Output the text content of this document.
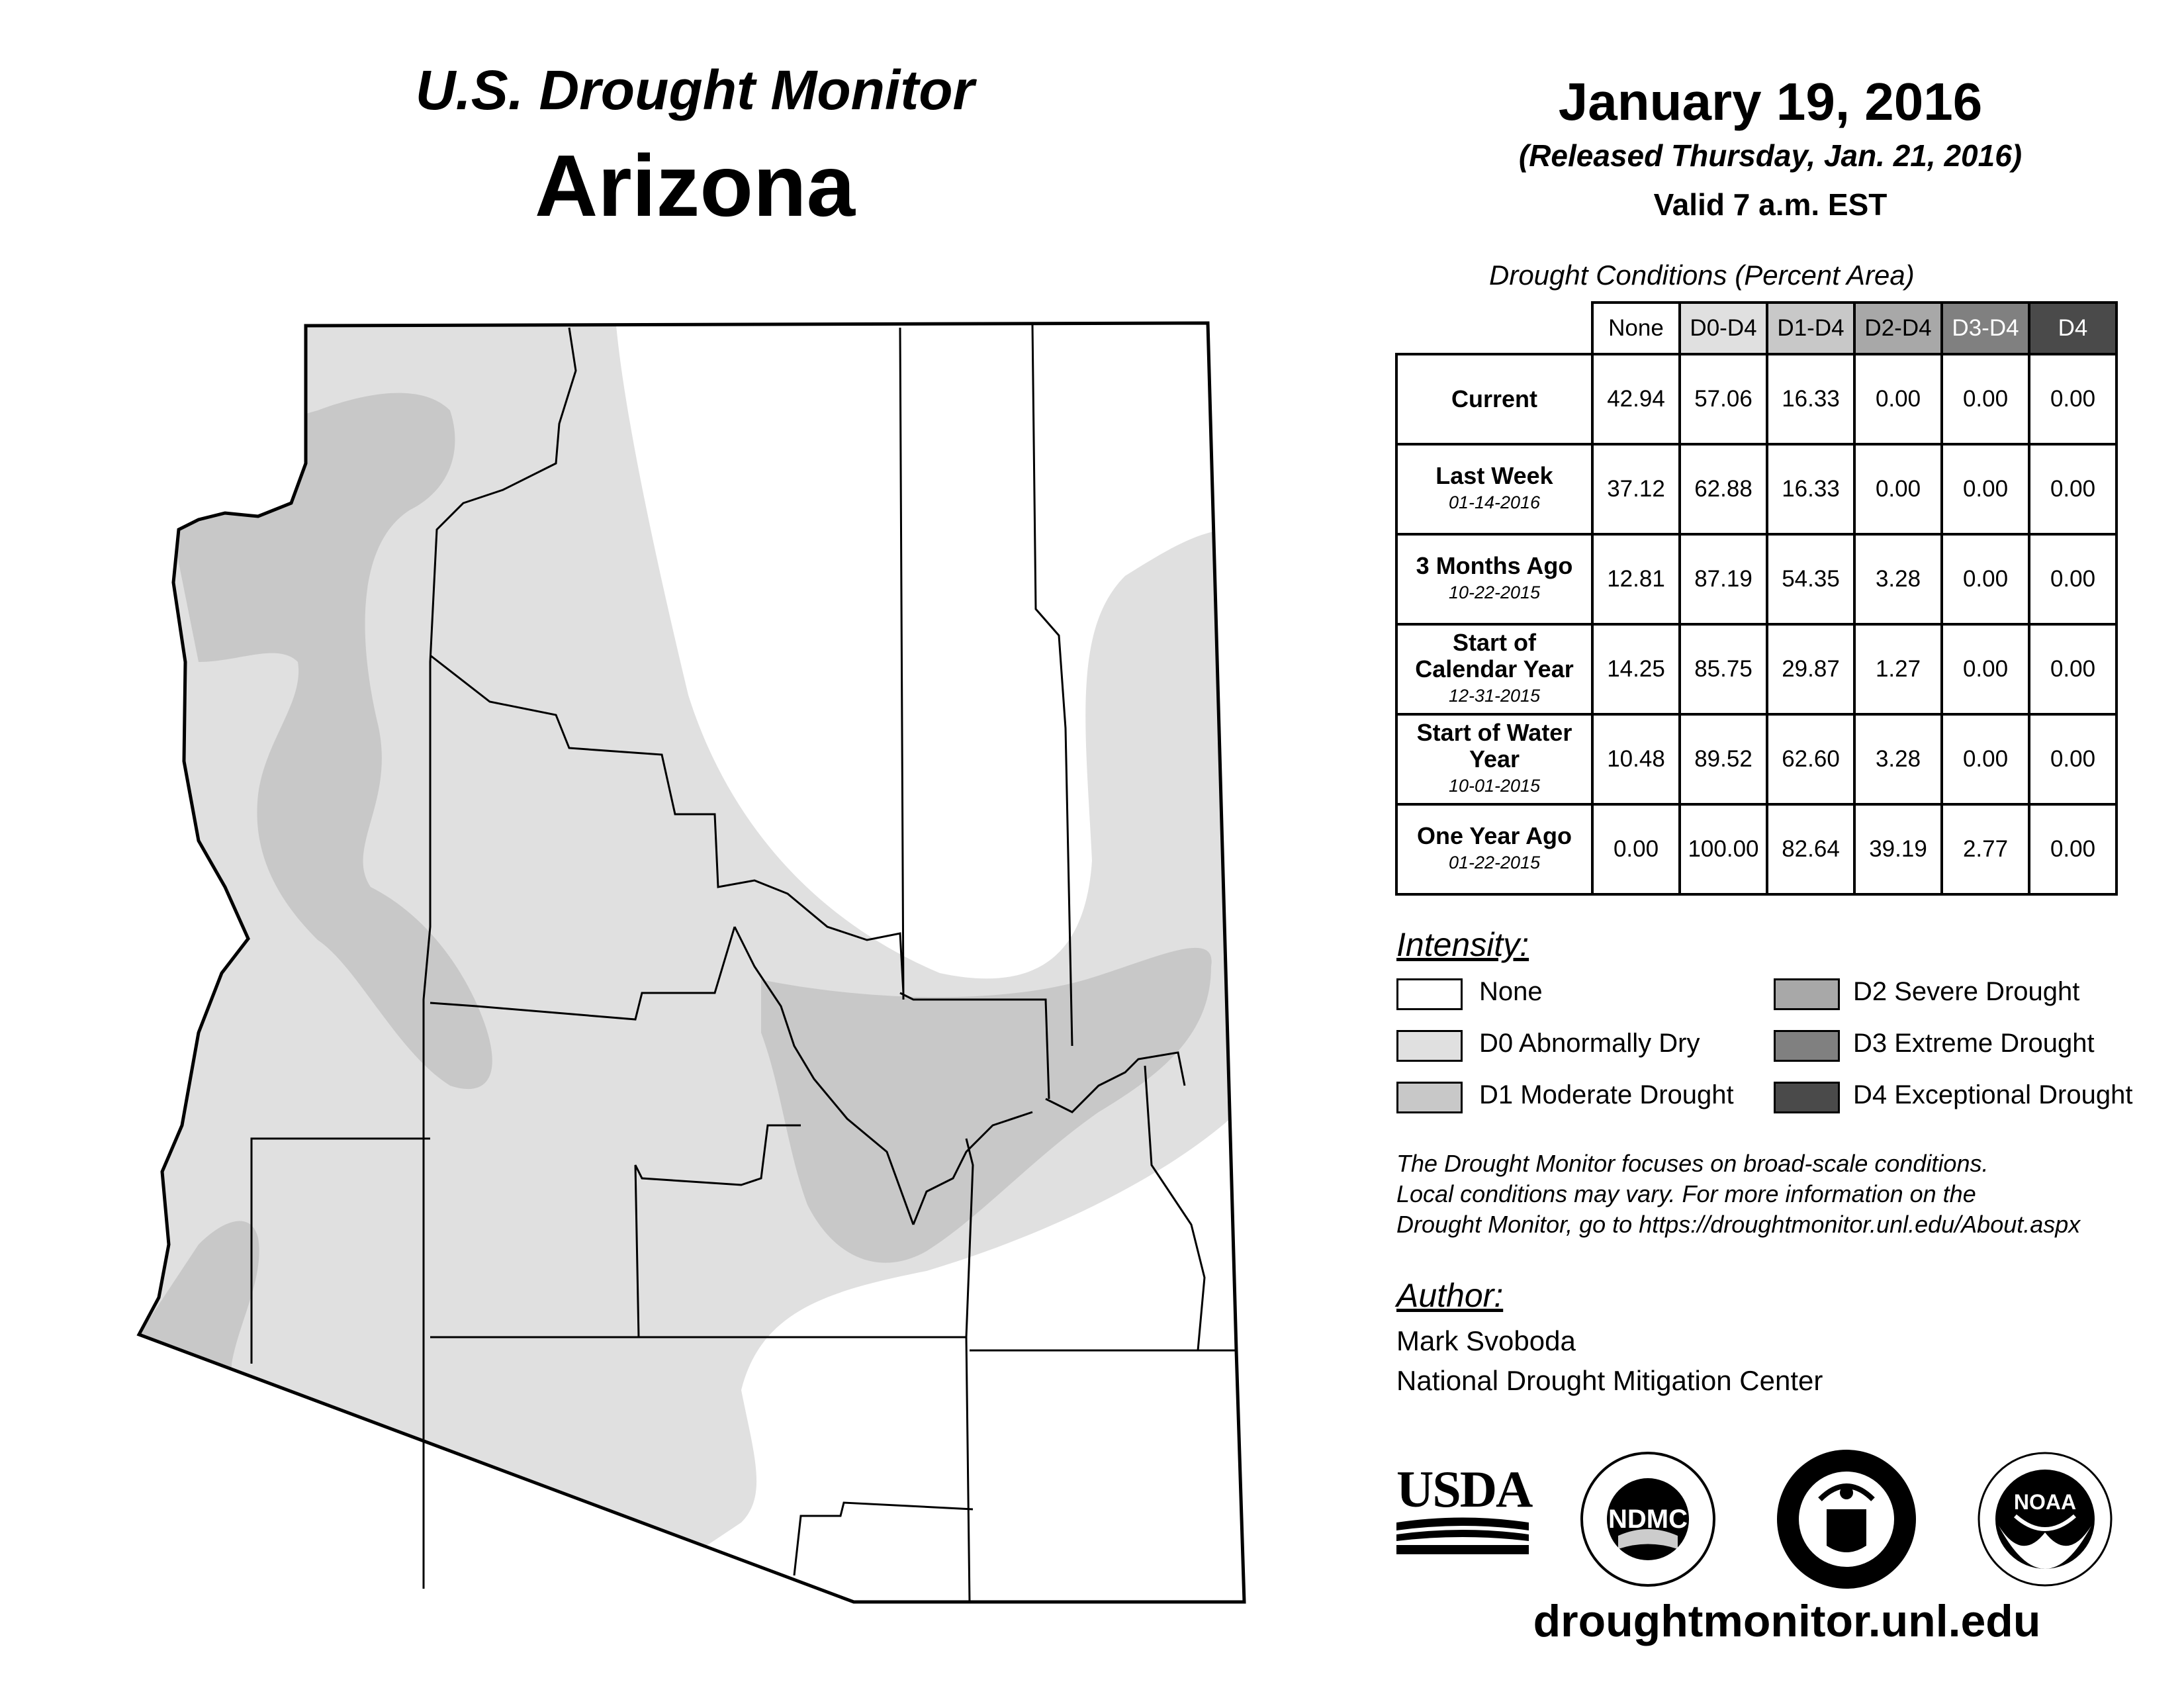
U.S. Drought Monitor
Arizona
January 19, 2016
(Released Thursday, Jan. 21, 2016)
Valid 7 a.m. EST
Drought Conditions (Percent Area)
	None	D0-D4	D1-D4	D2-D4	D3-D4	D4

Current	42.94	57.06	16.33	0.00	0.00	0.00

Last Week
01-14-2016	37.12	62.88	16.33	0.00	0.00	0.00

3 Months Ago
10-22-2015	12.81	87.19	54.35	3.28	0.00	0.00

Start of Calendar Year
12-31-2015	14.25	85.75	29.87	1.27	0.00	0.00

Start of Water Year
10-01-2015	10.48	89.52	62.60	3.28	0.00	0.00

One Year Ago
01-22-2015	0.00	100.00	82.64	39.19	2.77	0.00
Intensity:
None
D0 Abnormally Dry
D1 Moderate Drought
D2 Severe Drought
D3 Extreme Drought
D4 Exceptional Drought
The Drought Monitor focuses on broad-scale conditions.
Local conditions may vary. For more information on the
Drought Monitor, go to https://droughtmonitor.unl.edu/About.aspx
Author:
Mark Svoboda
National Drought Mitigation Center
USDA
NDMC
NOAA
droughtmonitor.unl.edu
